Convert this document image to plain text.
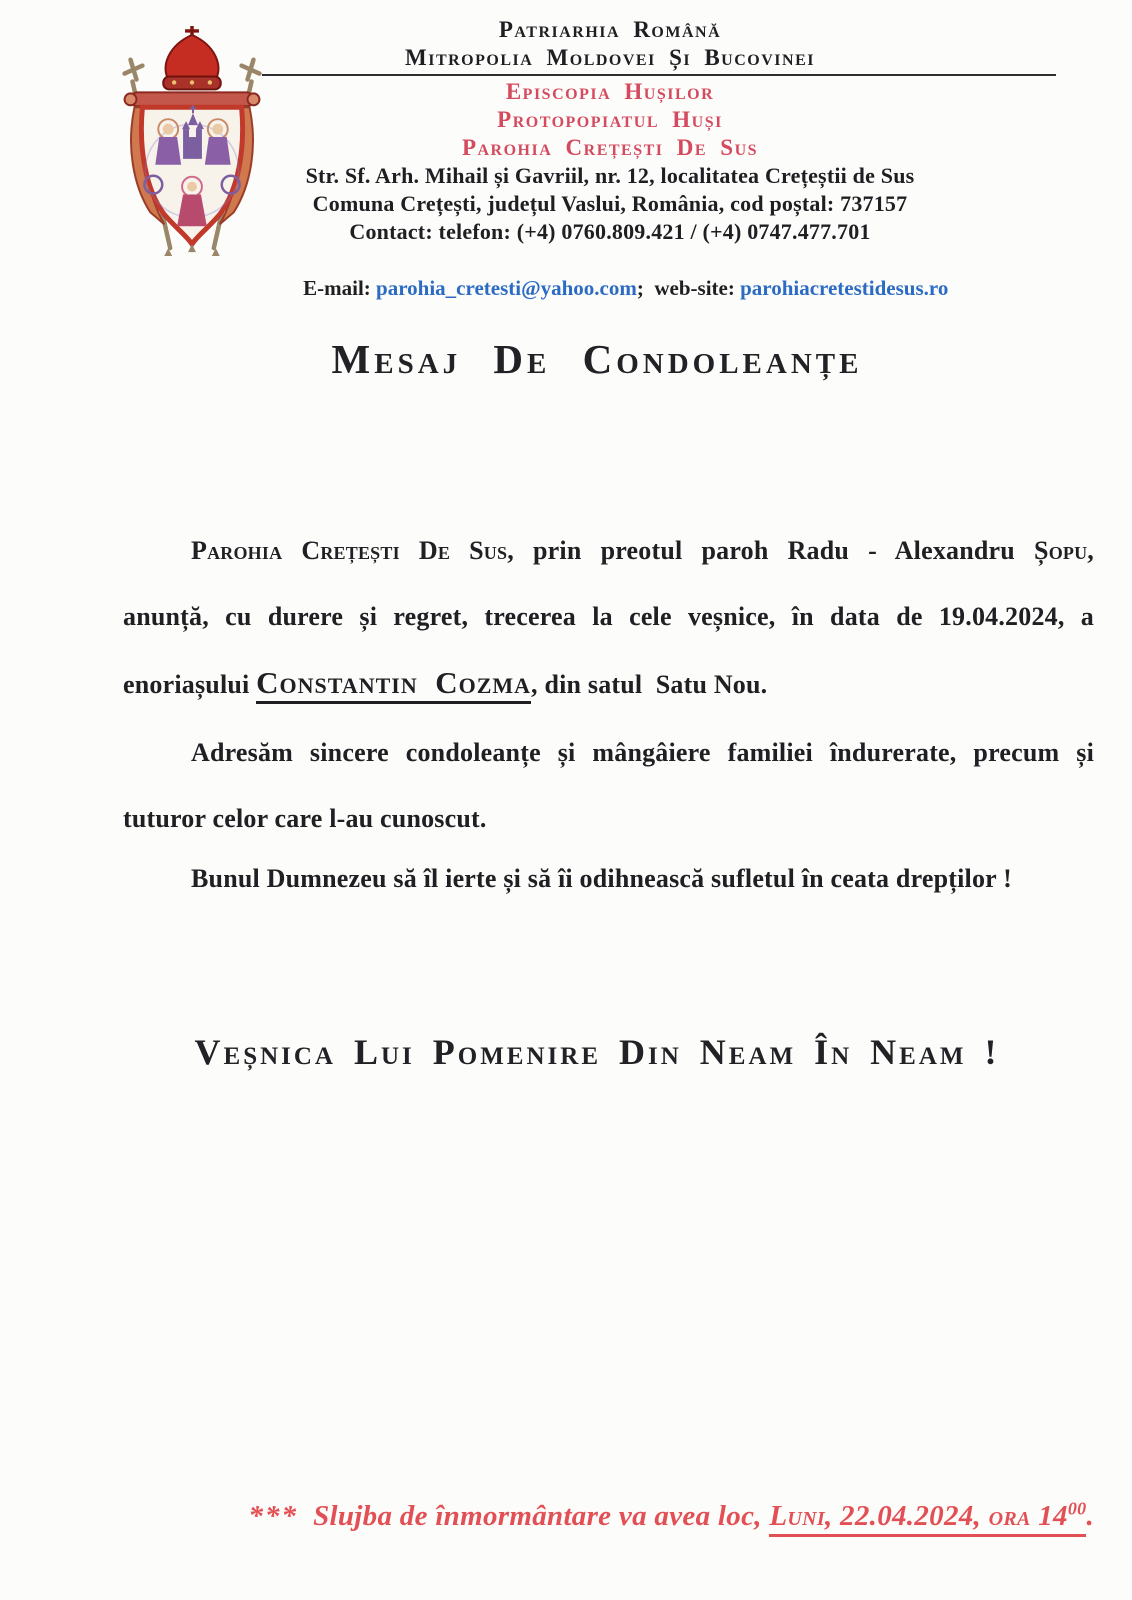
Patriarhia Română
Mitropolia Moldovei Și Bucovinei
Episcopia Hușilor
Protopopiatul Huși
Parohia Crețești De Sus
Str. Sf. Arh. Mihail și Gavriil, nr. 12, localitatea Crețeștii de Sus
Comuna Crețești, județul Vaslui, România, cod poștal: 737157
Contact: telefon: (+4) 0760.809.421 / (+4) 0747.477.701

E-mail: parohia_cretesti@yahoo.com;  web-site: parohiacretestidesus.ro

Mesaj De Condoleanțe
Parohia Crețești De Sus, prin preotul paroh Radu - Alexandru Șopu,
anunță, cu durere și regret, trecerea la cele veșnice, în data de 19.04.2024, a
enoriașului Constantin  Cozma, din satul  Satu Nou.
Adresăm sincere condoleanțe și mângâiere familiei îndurerate, precum și
tuturor celor care l-au cunoscut.
Bunul Dumnezeu să îl ierte și să îi odihnească sufletul în ceata drepților !
Veșnica Lui Pomenire Din Neam În Neam !
***  Slujba de înmormântare va avea loc, Luni, 22.04.2024, ora $14^{00}$.
